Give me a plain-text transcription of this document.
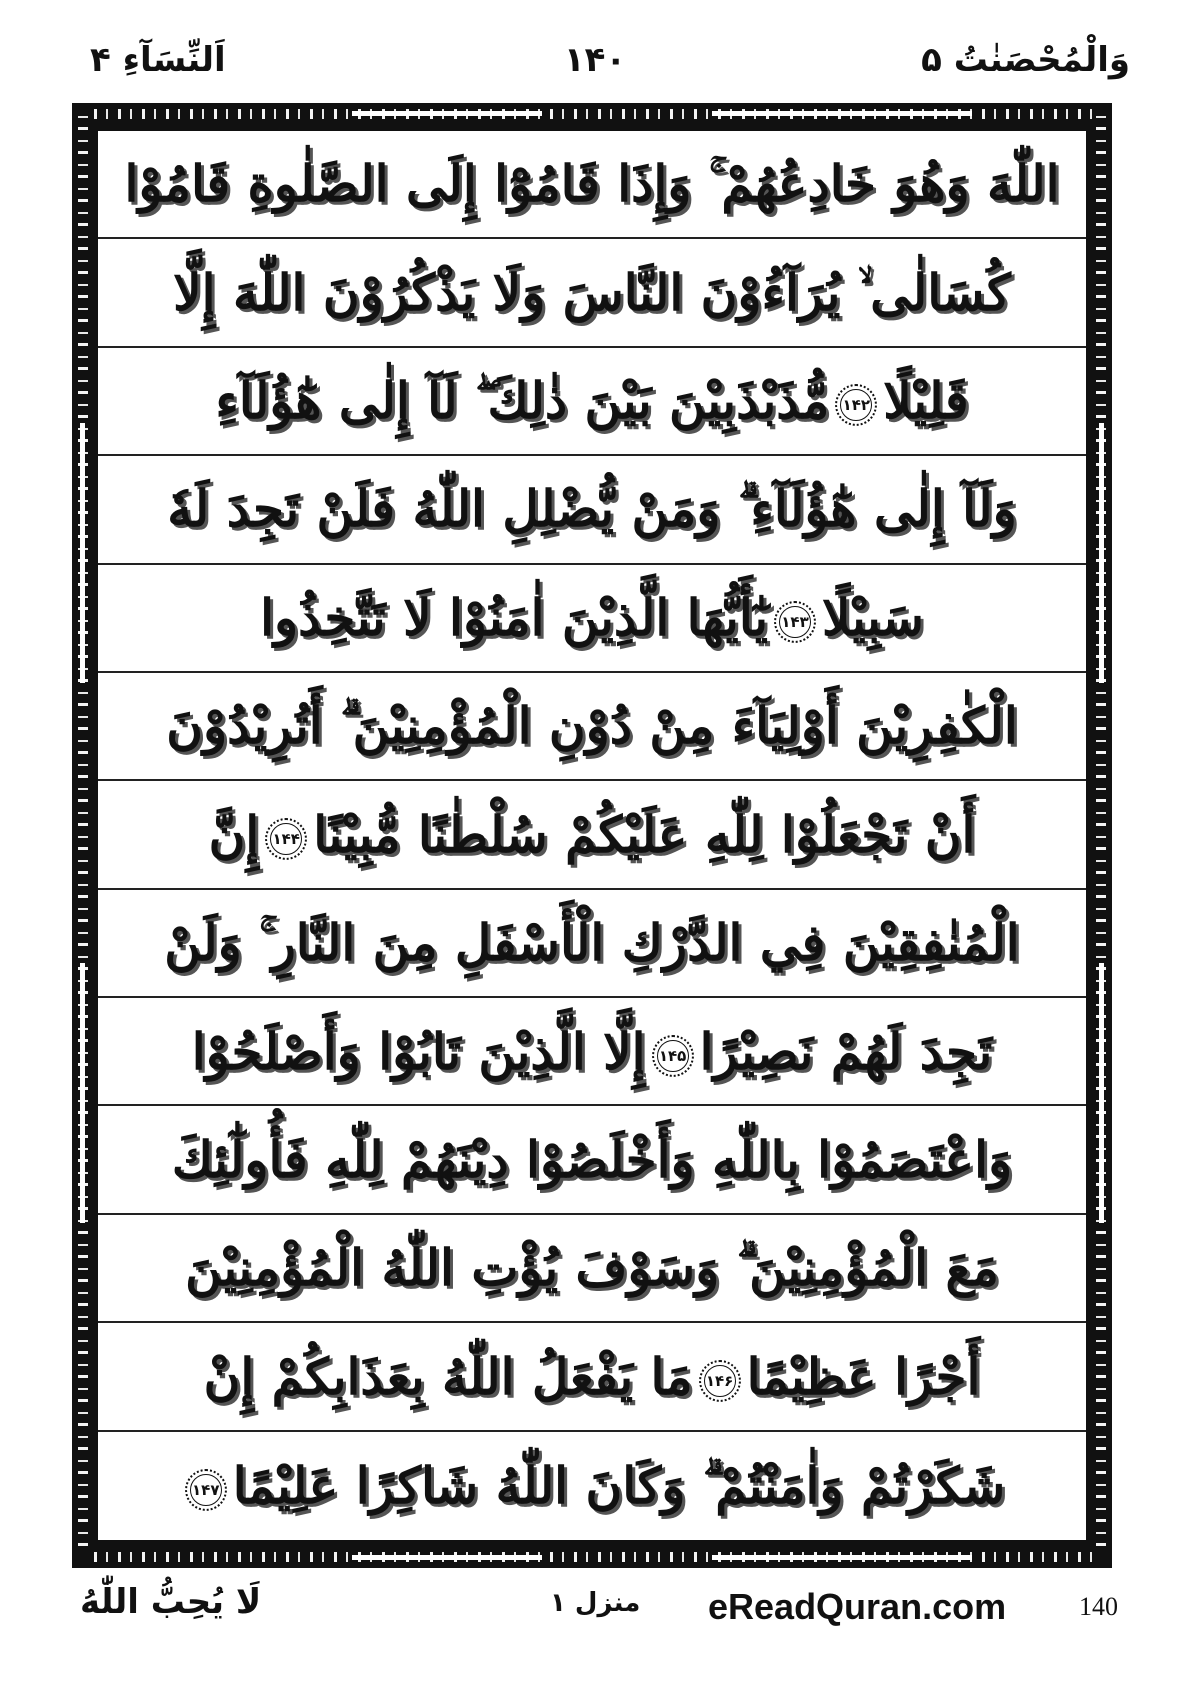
اَلنِّسَآءِ ۴	۱۴۰	وَالْمُحْصَنٰتُ ۵
اللّٰهَ وَهُوَ خَادِعُهُمْ ۚ وَإِذَا قَامُوْٓا إِلَى الصَّلٰوةِ قَامُوْا
كُسَالٰى ۙ يُرَآءُوْنَ النَّاسَ وَلَا يَذْكُرُوْنَ اللّٰهَ إِلَّا
قَلِيْلًا۱۴۲مُّذَبْذَبِيْنَ بَيْنَ ذٰلِكَ ۖ لَآ إِلٰى هٰٓؤُلَآءِ
وَلَآ إِلٰى هٰٓؤُلَآءِ ۗ وَمَنْ يُّضْلِلِ اللّٰهُ فَلَنْ تَجِدَ لَهٗ
سَبِيْلًا۱۴۳يٰٓأَيُّهَا الَّذِيْنَ اٰمَنُوْا لَا تَتَّخِذُوا
الْكٰفِرِيْنَ أَوْلِيَآءَ مِنْ دُوْنِ الْمُؤْمِنِيْنَ ۗ أَتُرِيْدُوْنَ
أَنْ تَجْعَلُوْا لِلّٰهِ عَلَيْكُمْ سُلْطٰنًا مُّبِيْنًا۱۴۴إِنَّ
الْمُنٰفِقِيْنَ فِي الدَّرْكِ الْأَسْفَلِ مِنَ النَّارِ ۚ وَلَنْ
تَجِدَ لَهُمْ نَصِيْرًا۱۴۵إِلَّا الَّذِيْنَ تَابُوْا وَأَصْلَحُوْا
وَاعْتَصَمُوْا بِاللّٰهِ وَأَخْلَصُوْا دِيْنَهُمْ لِلّٰهِ فَأُولٰٓئِكَ
مَعَ الْمُؤْمِنِيْنَ ۗ وَسَوْفَ يُؤْتِ اللّٰهُ الْمُؤْمِنِيْنَ
أَجْرًا عَظِيْمًا۱۴۶مَا يَفْعَلُ اللّٰهُ بِعَذَابِكُمْ إِنْ
شَكَرْتُمْ وَاٰمَنْتُمْ ۗ وَكَانَ اللّٰهُ شَاكِرًا عَلِيْمًا۱۴۷
لَا يُحِبُّ اللّٰهُ	منزل ۱ eReadQuran.com	140
